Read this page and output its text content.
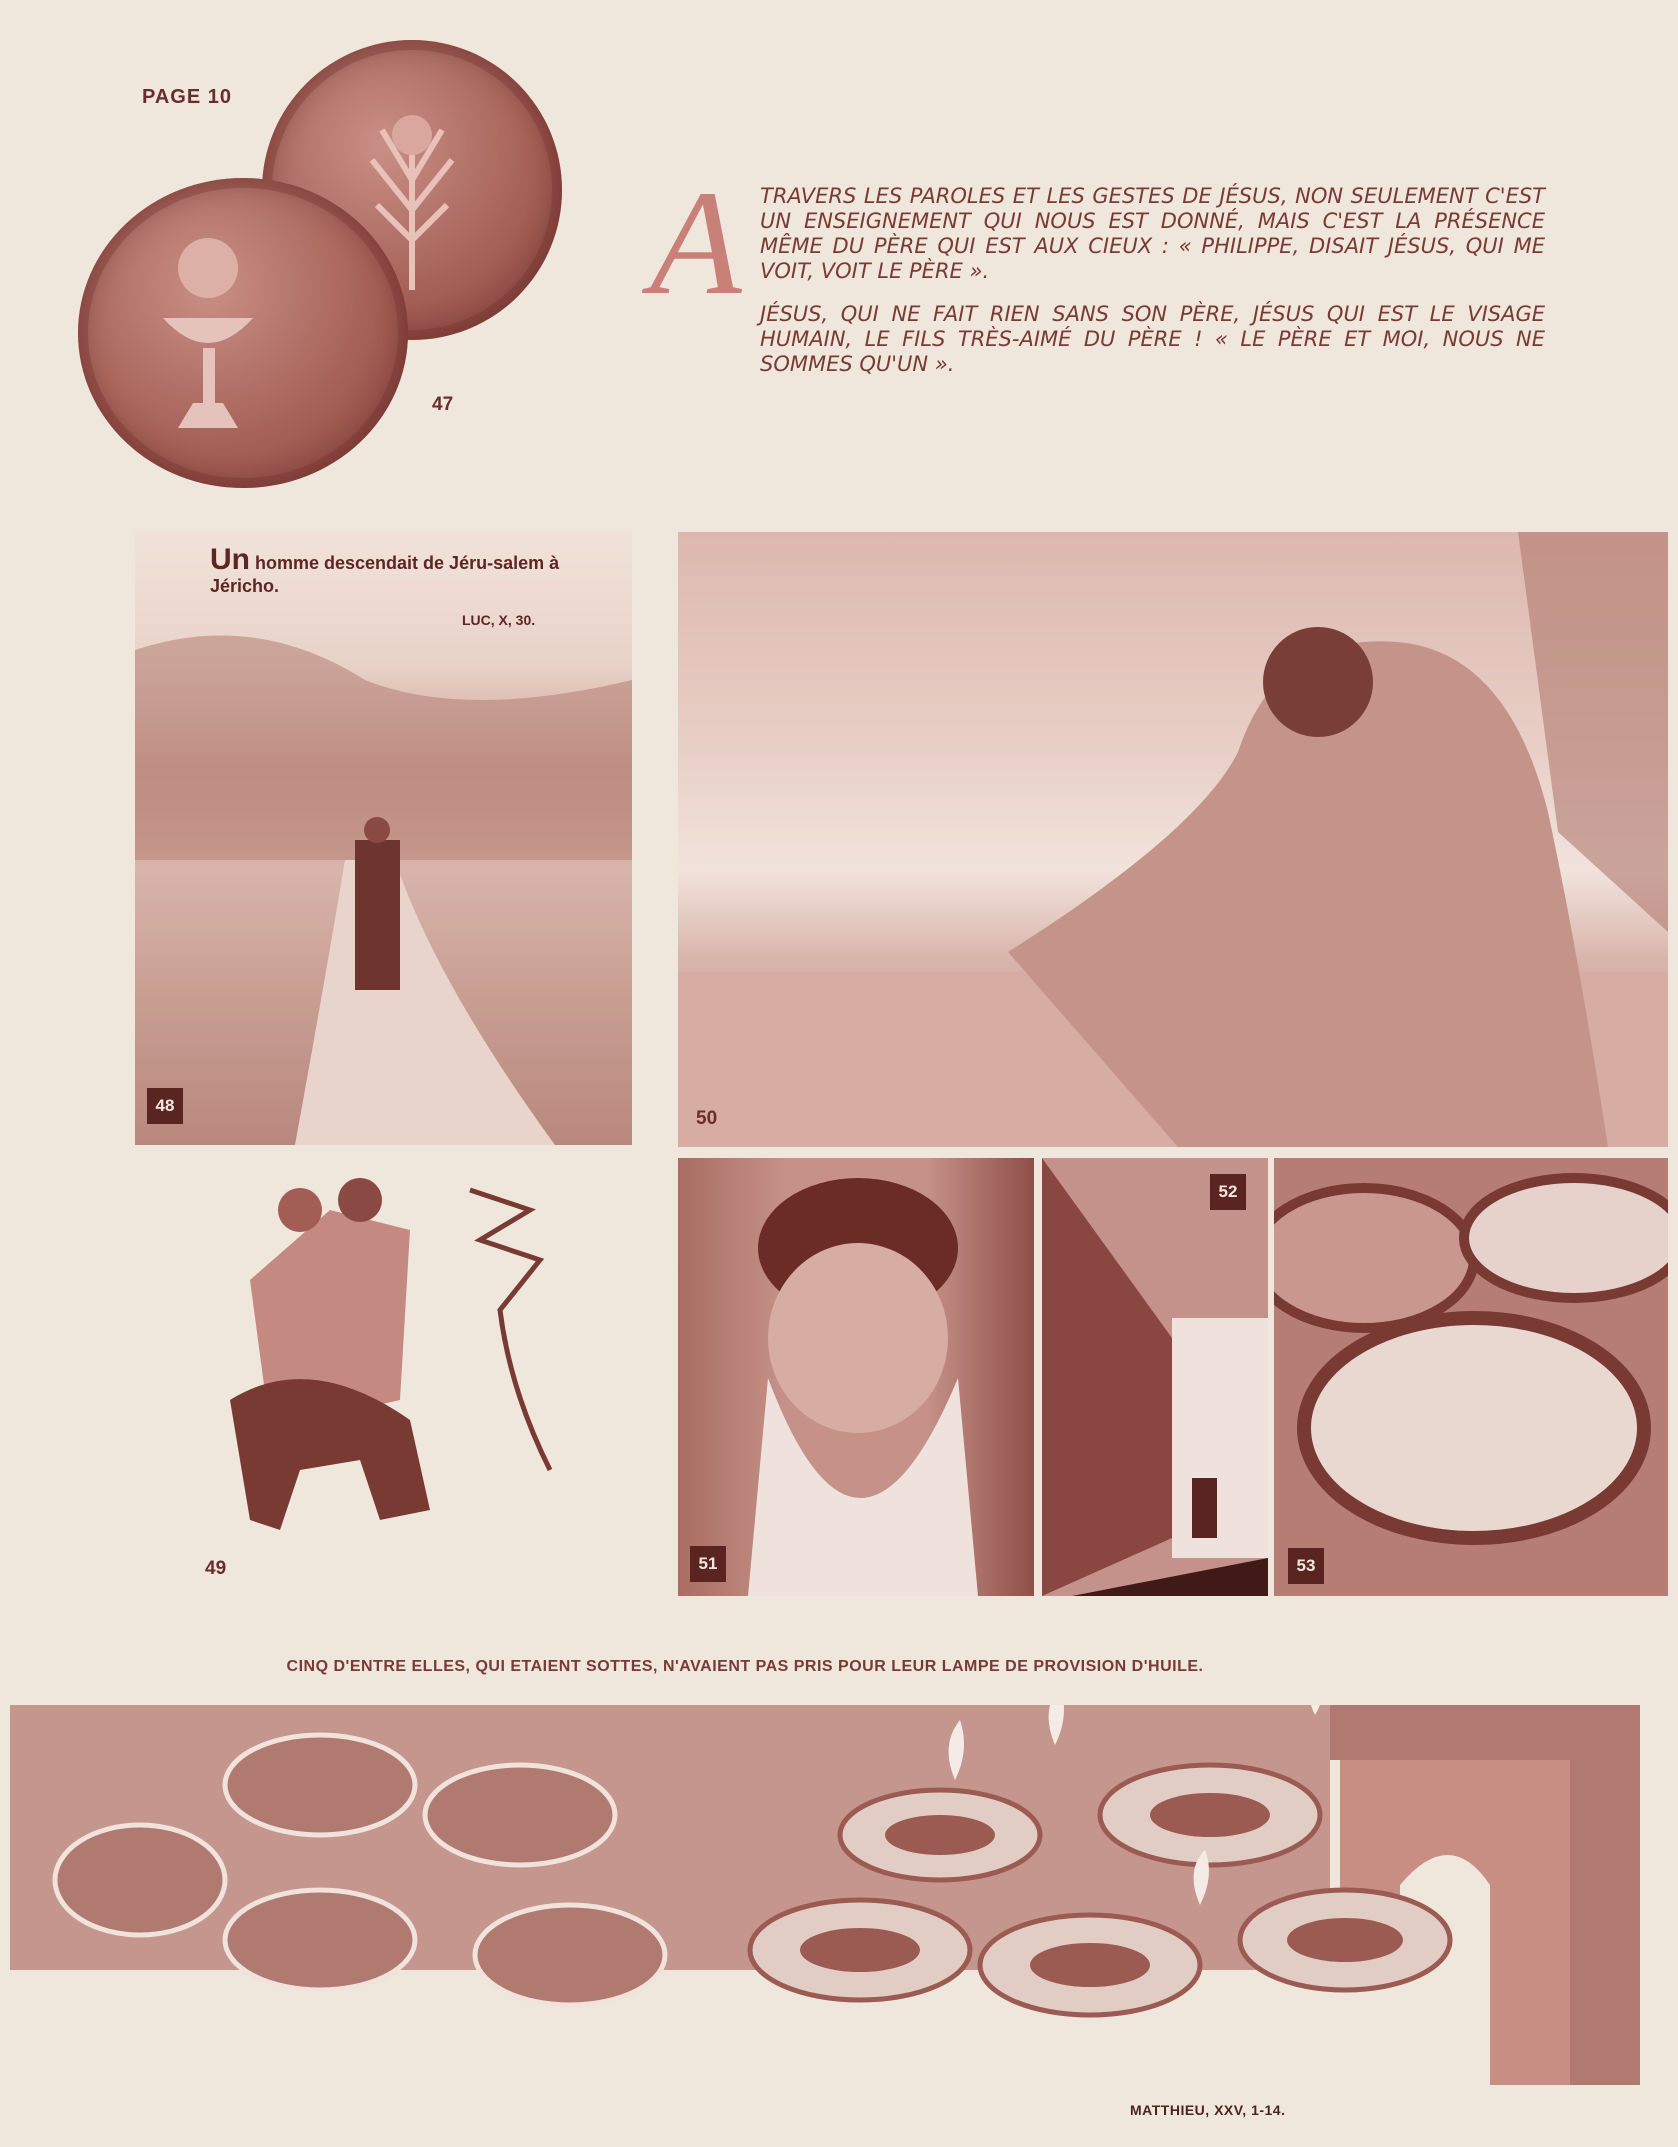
PAGE 10
47
A TRAVERS LES PAROLES ET LES GESTES DE JÉSUS, NON SEULEMENT C'EST UN ENSEIGNEMENT QUI NOUS EST DONNÉ, MAIS C'EST LA PRÉSENCE MÊME DU PÈRE QUI EST AUX CIEUX : « PHILIPPE, DISAIT JÉSUS, QUI ME VOIT, VOIT LE PÈRE ».

JÉSUS, QUI NE FAIT RIEN SANS SON PÈRE, JÉSUS QUI EST LE VISAGE HUMAIN, LE FILS TRÈS-AIMÉ DU PÈRE ! « LE PÈRE ET MOI, NOUS NE SOMMES QU'UN ».

48
Un homme descendait de Jéru-salem à Jéricho.
LUC, X, 30.
50
49	51
52
53
CINQ D'ENTRE ELLES, QUI ETAIENT SOTTES, N'AVAIENT PAS PRIS POUR LEUR LAMPE DE PROVISION D'HUILE.
MATTHIEU, XXV, 1-14.
